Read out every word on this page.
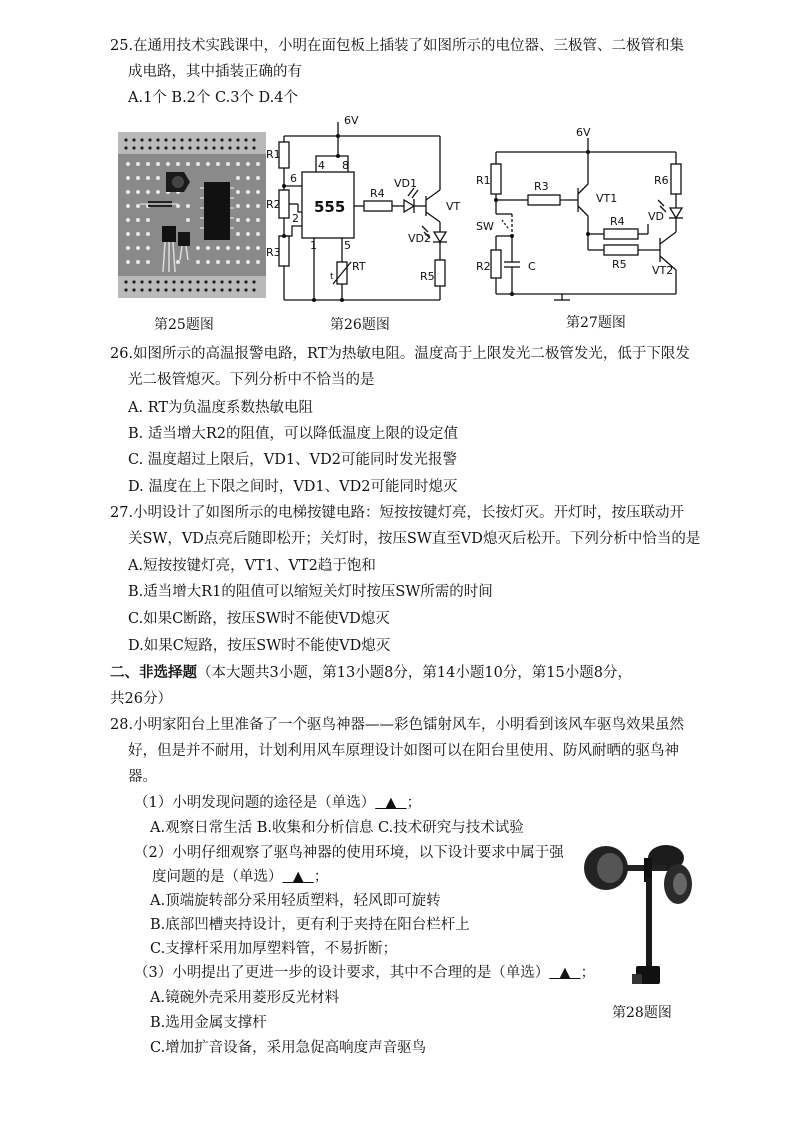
25.在通用技术实践课中，小明在面包板上插装了如图所示的电位器、三极管、二极管和集
成电路，其中插装正确的有
A.1个 B.2个 C.3个 D.4个
第25题图
6V
R1
R2
R3
6
2
4 8
1 5
555
R4
VD1
VT
VD2
R5
RT
t
第26题图
6V
R1
R2
R3
R4
R5
R6
SW
C
VT1
VT2
VD
第27题图
26.如图所示的高温报警电路，RT为热敏电阻。温度高于上限发光二极管发光，低于下限发
光二极管熄灭。下列分析中不恰当的是
A. RT为负温度系数热敏电阻
B. 适当增大R2的阻值，可以降低温度上限的设定值
C. 温度超过上限后，VD1、VD2可能同时发光报警
D. 温度在上下限之间时，VD1、VD2可能同时熄灭
27.小明设计了如图所示的电梯按键电路：短按按键灯亮，长按灯灭。开灯时，按压联动开
关SW，VD点亮后随即松开；关灯时，按压SW直至VD熄灭后松开。下列分析中恰当的是
A.短按按键灯亮，VT1、VT2趋于饱和
B.适当增大R1的阻值可以缩短关灯时按压SW所需的时间
C.如果C断路，按压SW时不能使VD熄灭
D.如果C短路，按压SW时不能使VD熄灭
二、非选择题（本大题共3小题，第13小题8分，第14小题10分，第15小题8分，
共26分）
28.小明家阳台上里准备了一个驱鸟神器——彩色镭射风车，小明看到该风车驱鸟效果虽然
好，但是并不耐用，计划利用风车原理设计如图可以在阳台里使用、防风耐晒的驱鸟神
器。
（1）小明发现问题的途径是（单选）  ▲  ；
A.观察日常生活 B.收集和分析信息 C.技术研究与技术试验
（2）小明仔细观察了驱鸟神器的使用环境，以下设计要求中属于强
度问题的是（单选）  ▲  ；
A.顶端旋转部分采用轻质塑料，轻风即可旋转
B.底部凹槽夹持设计，更有利于夹持在阳台栏杆上
C.支撑杆采用加厚塑料管，不易折断；
（3）小明提出了更进一步的设计要求，其中不合理的是（单选）  ▲  ；
A.镜碗外壳采用菱形反光材料
B.选用金属支撑杆
C.增加扩音设备，采用急促高响度声音驱鸟
第28题图
